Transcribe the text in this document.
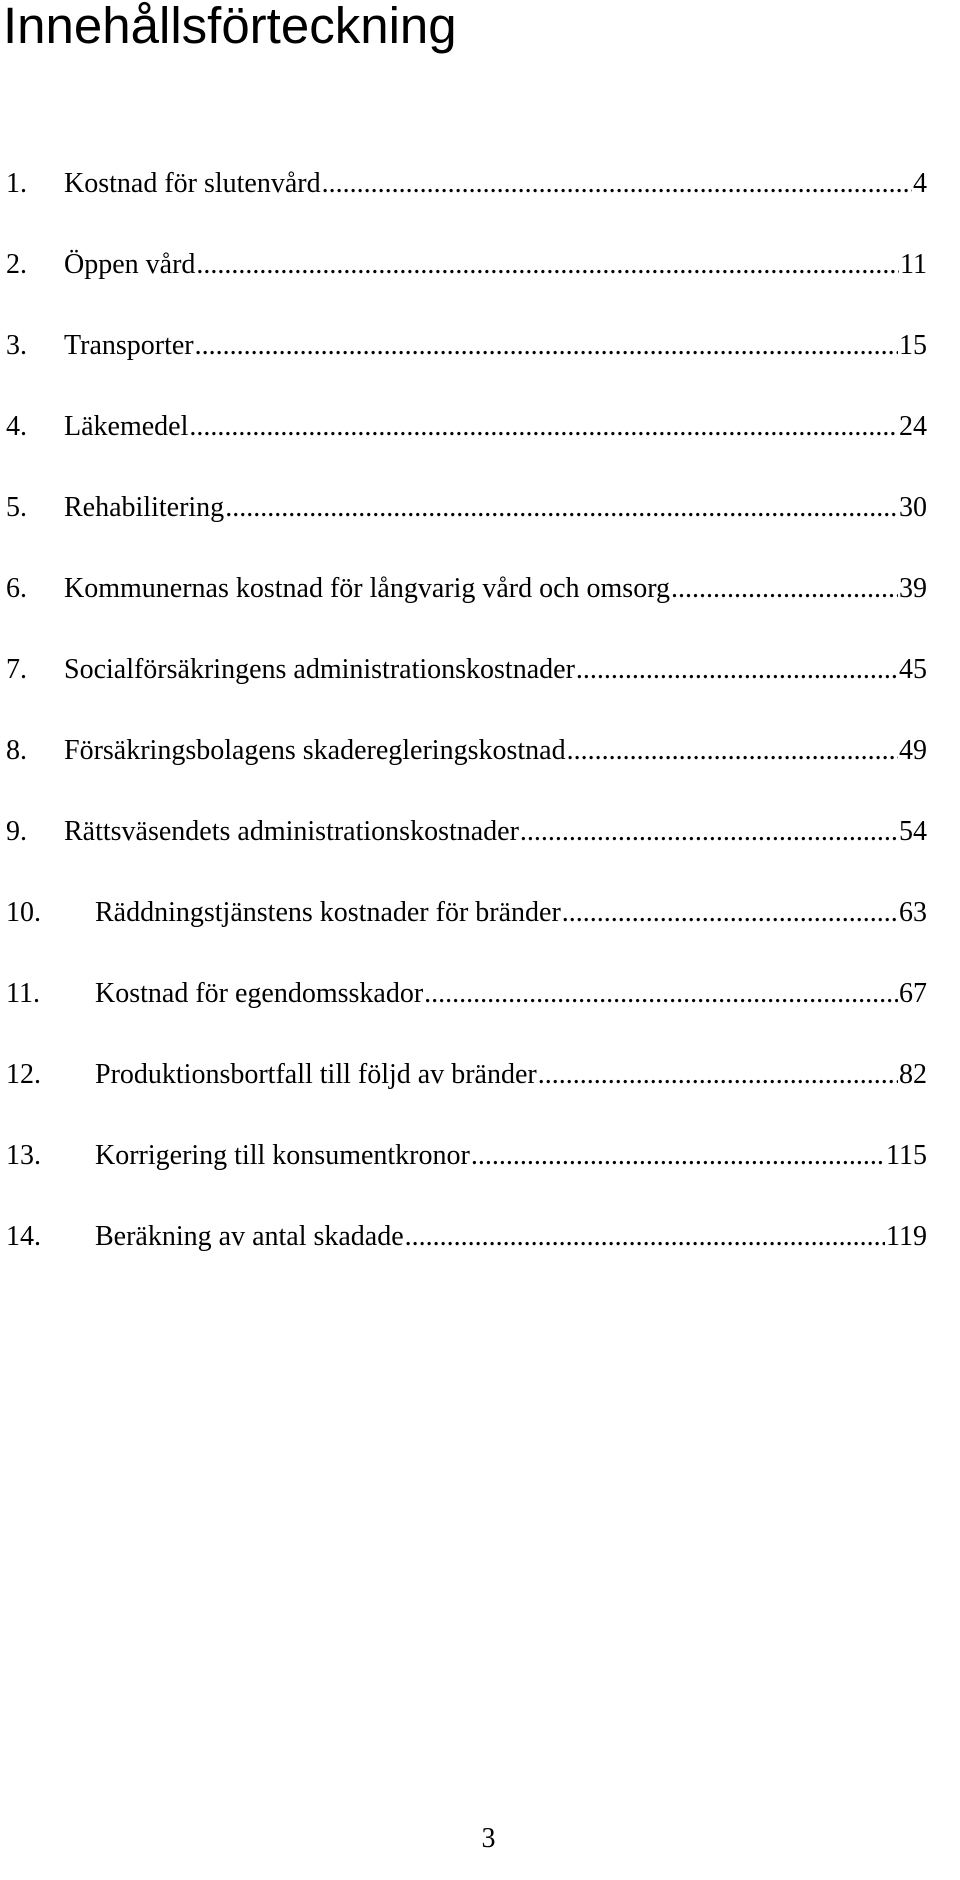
Innehållsförteckning
1.	Kostnad för slutenvård .....	4
2.	Öppen vård .....	11
3.	Transporter .....	15
4.	Läkemedel .....	24
5.	Rehabilitering .....	30
6.	Kommunernas kostnad för långvarig vård och omsorg .....	39
7.	Socialförsäkringens administrationskostnader .....	45
8.	Försäkringsbolagens skaderegleringskostnad .....	49
9.	Rättsväsendets administrationskostnader .....	54
10.	Räddningstjänstens kostnader för bränder .....	63
11.	Kostnad för egendomsskador .....	67
12.	Produktionsbortfall till följd av bränder .....	82
13.	Korrigering till konsumentkronor .....	115
14.	Beräkning av antal skadade .....	119
3
